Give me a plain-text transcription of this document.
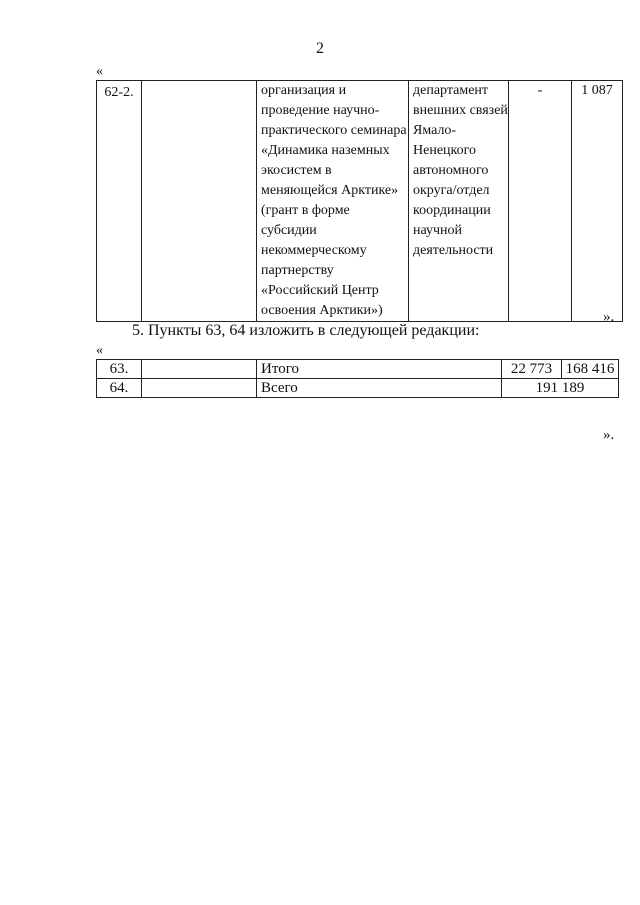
2
«
62-2.		организация и проведение научно-практического семинара «Динамика наземных экосистем в меняющейся Арктике» (грант в форме субсидии некоммерческому партнерству «Российский Центр освоения Арктики»)	департамент внешних связей Ямало-Ненецкого автономного округа/отдел координации научной деятельности	-	1 087
».
5. Пункты 63, 64 изложить в следующей редакции:
«
63.		Итого	22 773	168 416
64.		Всего	191 189	
».
